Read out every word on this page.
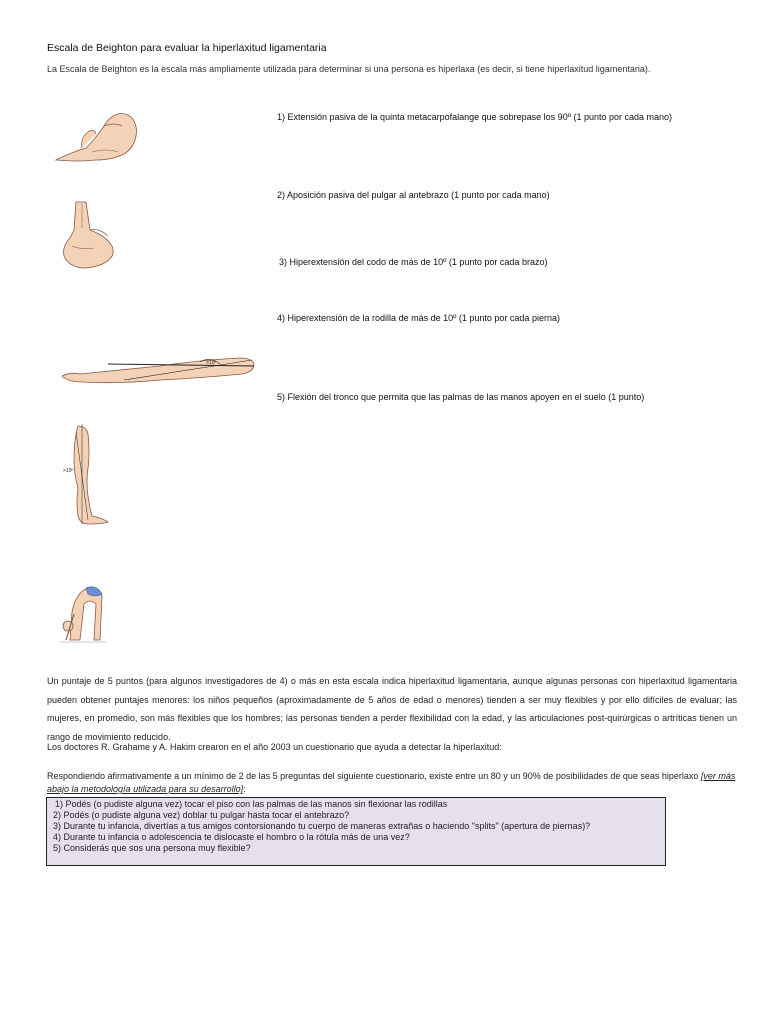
Escala de Beighton para evaluar la hiperlaxitud ligamentaria
La Escala de Beighton es la escala más ampliamente utilizada para determinar si una persona es hiperlaxa (es decir, si tiene hiperlaxitud ligamentaria).
1) Extensión pasiva de la quinta metacarpofalange que sobrepase los 90º (1 punto por cada mano)
2) Aposición pasiva del pulgar al antebrazo (1 punto por cada mano)
3) Hiperextensión del codo de más de 10º (1 punto por cada brazo)
4) Hiperextensión de la rodilla de más de 10º (1 punto por cada pierna)
5) Flexión del tronco que permita que las palmas de las manos apoyen en el suelo (1 punto)
>10º
>10º
Un puntaje de 5 puntos (para algunos investigadores de 4) o más en esta escala indica hiperlaxitud ligamentaria, aunque algunas personas con hiperlaxitud ligamentaria pueden obtener puntajes menores: los niños pequeños (aproximadamente de 5 años de edad o menores) tienden a ser muy flexibles y por ello difíciles de evaluar; las mujeres, en promedio, son más flexibles que los hombres; las personas tienden a perder flexibilidad con la edad, y las articulaciones post-quirúrgicas o artríticas tienen un rango de movimiento reducido.
Los doctores R. Grahame y A. Hakim crearon en el año 2003 un cuestionario que ayuda a detectar la hiperlaxitud:
Respondiendo afirmativamente a un mínimo de 2 de las 5 preguntas del siguiente cuestionario, existe entre un 80 y un 90% de posibilidades de que seas hiperlaxo [ver más abajo la metodología utilizada para su desarrollo]:
1) Podés (o pudiste alguna vez) tocar el piso con las palmas de las manos sin flexionar las rodillas
2) Podés (o pudiste alguna vez) doblar tu pulgar hasta tocar el antebrazo?
3) Durante tu infancia, divertías a tus amigos contorsionando tu cuerpo de maneras extrañas o haciendo "splits" (apertura de piernas)?
4) Durante tu infancia o adolescencia te dislocaste el hombro o la rótula más de una vez?
5) Considerás que sos una persona muy flexible?
